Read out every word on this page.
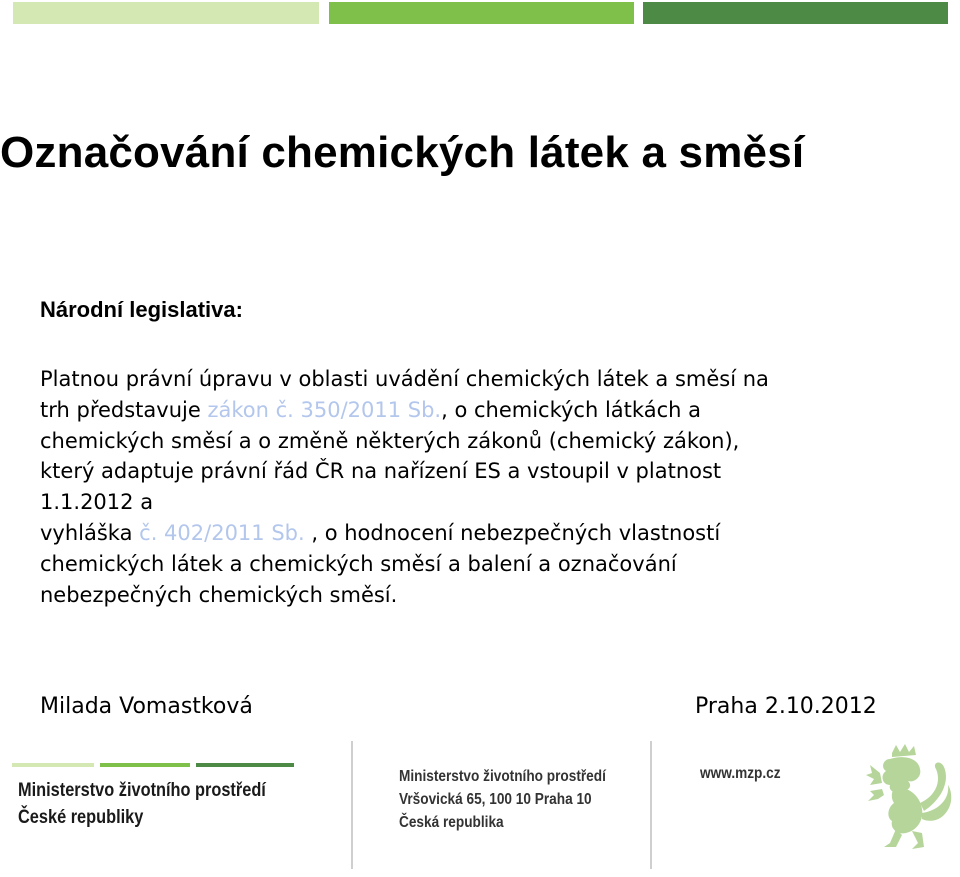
Označování chemických látek a směsí
Národní legislativa:

Platnou právní úpravu v oblasti uvádění chemických látek a směsí na

trh představuje zákon č. 350/2011 Sb., o chemických látkách a

chemických směsí a o změně některých zákonů (chemický zákon),

který adaptuje právní řád ČR na nařízení ES a vstoupil v platnost

1.1.2012 a

vyhláška č. 402/2011 Sb. , o hodnocení nebezpečných vlastností

chemických látek a chemických směsí a balení a označování

nebezpečných chemických směsí.

Milada Vomastková	Praha 2.10.2012
Ministerstvo životního prostředí
České republiky
Ministerstvo životního prostředí
Vršovická 65, 100 10 Praha 10
Česká republika
www.mzp.cz
